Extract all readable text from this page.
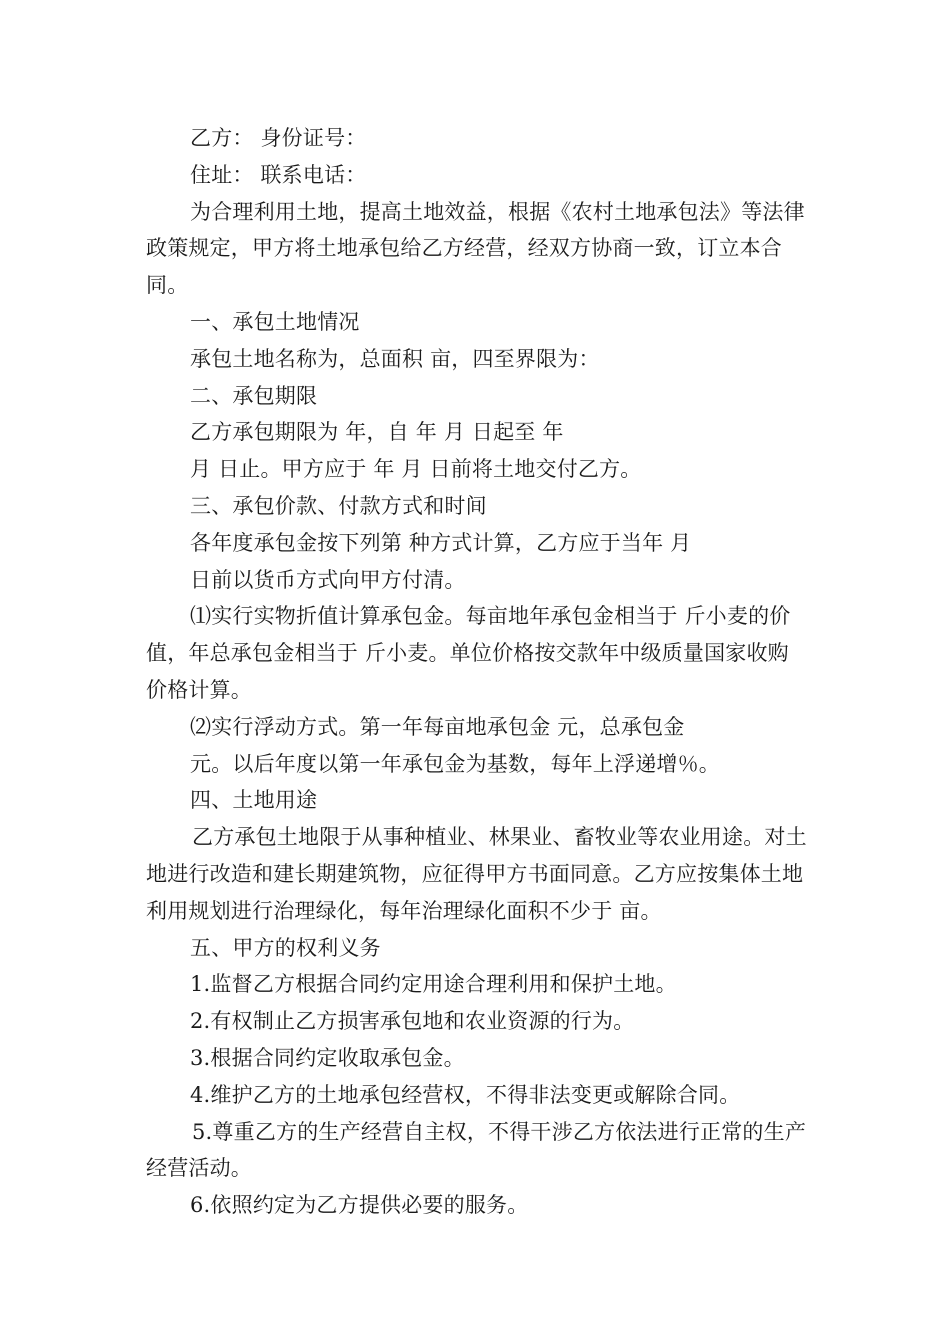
乙方： 身份证号：

住址： 联系电话：

为合理利用土地，提高土地效益，根据《农村土地承包法》等法律政策规定，甲方将土地承包给乙方经营，经双方协商一致，订立本合同。

一、承包土地情况

承包土地名称为，总面积 亩，四至界限为：

二、承包期限

乙方承包期限为 年，自 年 月 日起至 年

月 日止。甲方应于 年 月 日前将土地交付乙方。

三、承包价款、付款方式和时间

各年度承包金按下列第 种方式计算，乙方应于当年 月

日前以货币方式向甲方付清。

⑴实行实物折值计算承包金。每亩地年承包金相当于 斤小麦的价值，年总承包金相当于 斤小麦。单位价格按交款年中级质量国家收购价格计算。

⑵实行浮动方式。第一年每亩地承包金 元，总承包金

元。以后年度以第一年承包金为基数，每年上浮递增％。

四、土地用途

乙方承包土地限于从事种植业、林果业、畜牧业等农业用途。对土地进行改造和建长期建筑物，应征得甲方书面同意。乙方应按集体土地利用规划进行治理绿化，每年治理绿化面积不少于 亩。

五、甲方的权利义务

1.监督乙方根据合同约定用途合理利用和保护土地。

2.有权制止乙方损害承包地和农业资源的行为。

3.根据合同约定收取承包金。

4.维护乙方的土地承包经营权，不得非法变更或解除合同。

5.尊重乙方的生产经营自主权，不得干涉乙方依法进行正常的生产经营活动。

6.依照约定为乙方提供必要的服务。
